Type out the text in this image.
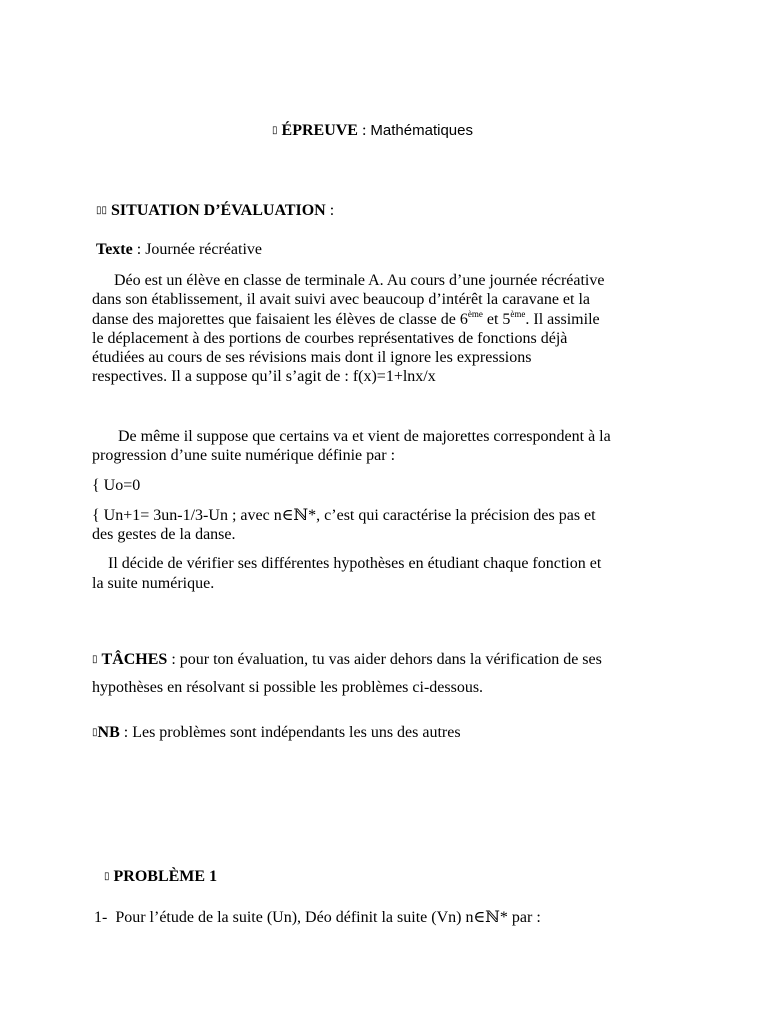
▯ ÉPREUVE : Mathématiques
▯▯ SITUATION D’ÉVALUATION :
Texte : Journée récréative
Déo est un élève en classe de terminale A. Au cours d’une journée récréative
dans son établissement, il avait suivi avec beaucoup d’intérêt la caravane et la
danse des majorettes que faisaient les élèves de classe de 6ème et 5ème. Il assimile
le déplacement à des portions de courbes représentatives de fonctions déjà
étudiées au cours de ses révisions mais dont il ignore les expressions
respectives. Il a suppose qu’il s’agit de : f(x)=1+lnx/x
De même il suppose que certains va et vient de majorettes correspondent à la
progression d’une suite numérique définie par :
{ Uo=0
{ Un+1= 3un-1/3-Un ; avec n∈ℕ*, c’est qui caractérise la précision des pas et
des gestes de la danse.
Il décide de vérifier ses différentes hypothèses en étudiant chaque fonction et
la suite numérique.
▯ TÂCHES : pour ton évaluation, tu vas aider dehors dans la vérification de ses
hypothèses en résolvant si possible les problèmes ci-dessous.
▯NB : Les problèmes sont indépendants les uns des autres
▯ PROBLÈME 1
1- Pour l’étude de la suite (Un), Déo définit la suite (Vn) n∈ℕ* par :
